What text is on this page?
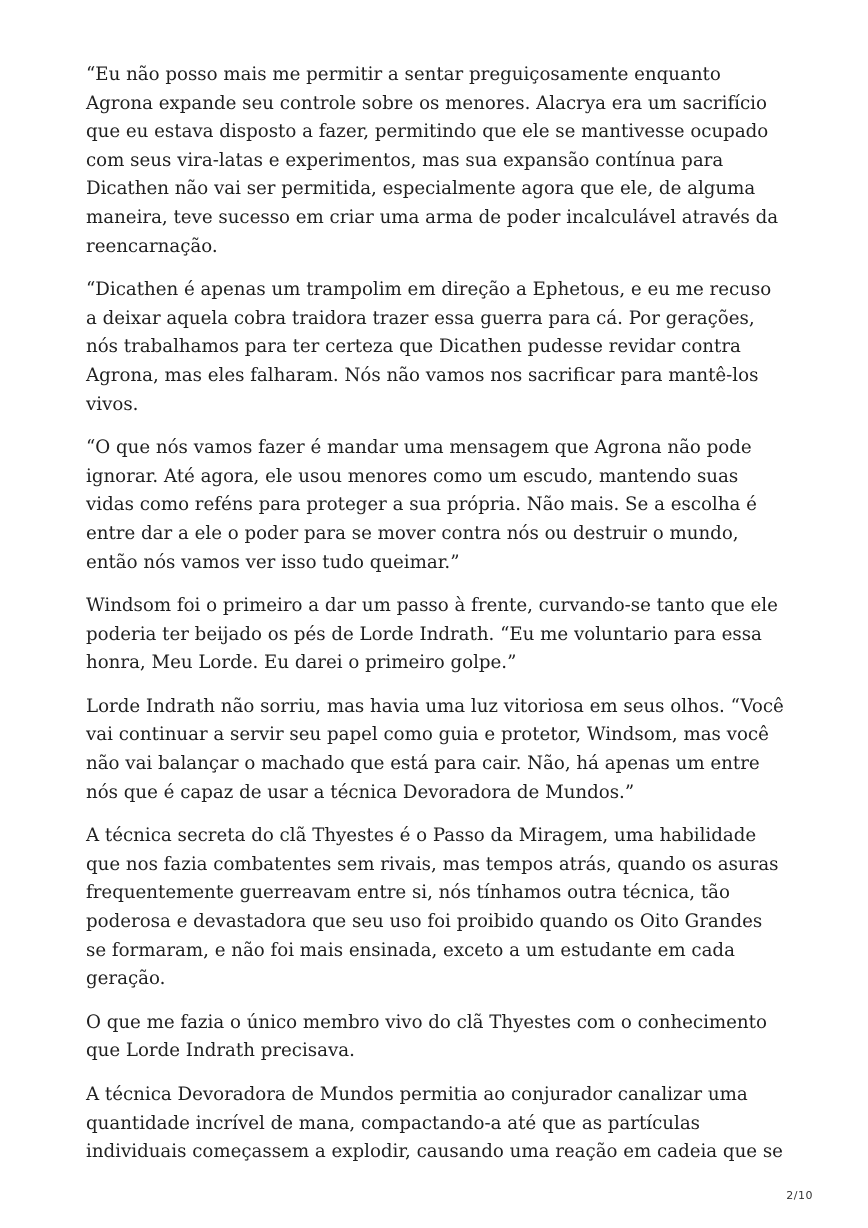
“Eu não posso mais me permitir a sentar preguiçosamente enquanto Agrona expande seu controle sobre os menores. Alacrya era um sacrifício que eu estava disposto a fazer, permitindo que ele se mantivesse ocupado com seus vira-latas e experimentos, mas sua expansão contínua para Dicathen não vai ser permitida, especialmente agora que ele, de alguma maneira, teve sucesso em criar uma arma de poder incalculável através da reencarnação.

“Dicathen é apenas um trampolim em direção a Ephetous, e eu me recuso a deixar aquela cobra traidora trazer essa guerra para cá. Por gerações, nós trabalhamos para ter certeza que Dicathen pudesse revidar contra Agrona, mas eles falharam. Nós não vamos nos sacrificar para mantê-los vivos.

“O que nós vamos fazer é mandar uma mensagem que Agrona não pode ignorar. Até agora, ele usou menores como um escudo, mantendo suas vidas como reféns para proteger a sua própria. Não mais. Se a escolha é entre dar a ele o poder para se mover contra nós ou destruir o mundo, então nós vamos ver isso tudo queimar.”

Windsom foi o primeiro a dar um passo à frente, curvando-se tanto que ele poderia ter beijado os pés de Lorde Indrath. “Eu me voluntario para essa honra, Meu Lorde. Eu darei o primeiro golpe.”

Lorde Indrath não sorriu, mas havia uma luz vitoriosa em seus olhos. “Você vai continuar a servir seu papel como guia e protetor, Windsom, mas você não vai balançar o machado que está para cair. Não, há apenas um entre nós que é capaz de usar a técnica Devoradora de Mundos.”

A técnica secreta do clã Thyestes é o Passo da Miragem, uma habilidade que nos fazia combatentes sem rivais, mas tempos atrás, quando os asuras frequentemente guerreavam entre si, nós tínhamos outra técnica, tão poderosa e devastadora que seu uso foi proibido quando os Oito Grandes se formaram, e não foi mais ensinada, exceto a um estudante em cada geração.

O que me fazia o único membro vivo do clã Thyestes com o conhecimento que Lorde Indrath precisava.

A técnica Devoradora de Mundos permitia ao conjurador canalizar uma quantidade incrível de mana, compactando-a até que as partículas individuais começassem a explodir, causando uma reação em cadeia que se

2/10
